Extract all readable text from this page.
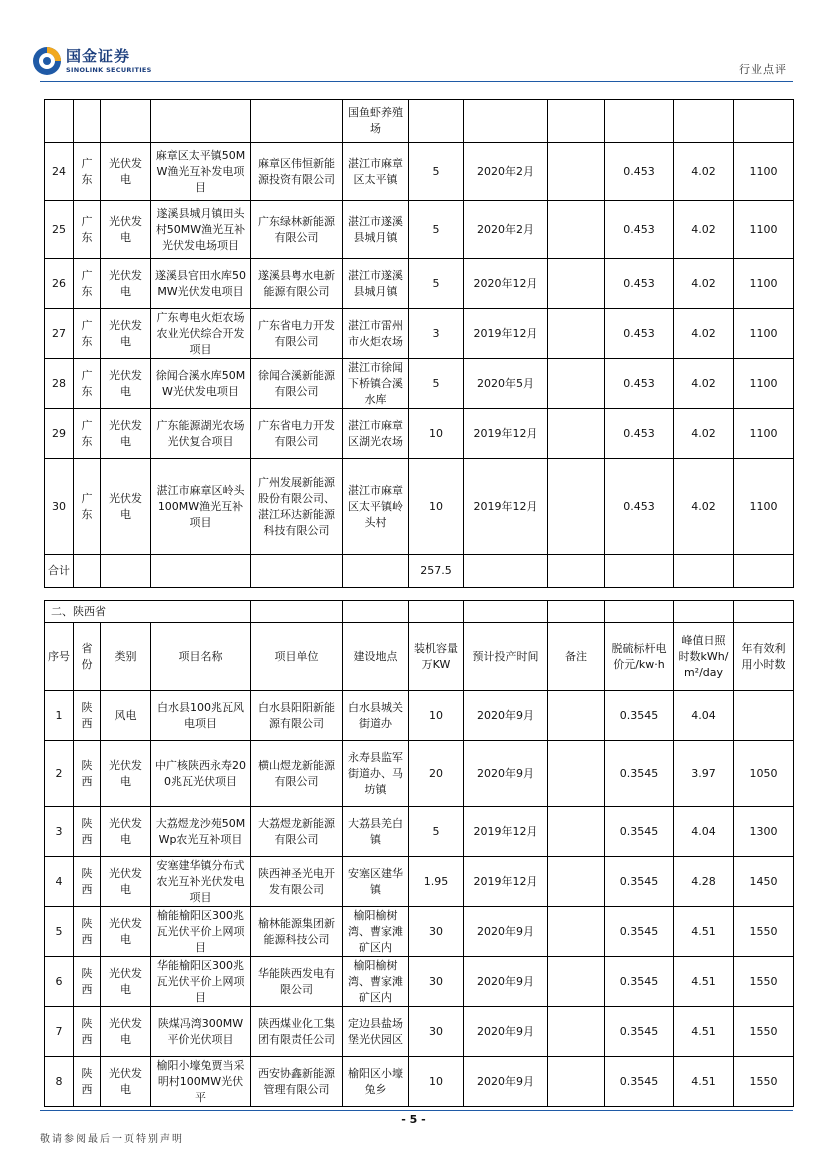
国金证券
SINOLINK SECURITIES	行业点评
					国鱼虾养殖场						
24	广东	光伏发电	麻章区太平镇50MW渔光互补发电项目	麻章区伟恒新能源投资有限公司	湛江市麻章区太平镇	5	2020年2月		0.453	4.02	1100
25	广东	光伏发电	遂溪县城月镇田头村50MW渔光互补光伏发电场项目	广东绿林新能源有限公司	湛江市遂溪县城月镇	5	2020年2月		0.453	4.02	1100
26	广东	光伏发电	遂溪县官田水库50MW光伏发电项目	遂溪县粤水电新能源有限公司	湛江市遂溪县城月镇	5	2020年12月		0.453	4.02	1100
27	广东	光伏发电	广东粤电火炬农场农业光伏综合开发项目	广东省电力开发有限公司	湛江市雷州市火炬农场	3	2019年12月		0.453	4.02	1100
28	广东	光伏发电	徐闻合溪水库50MW光伏发电项目	徐闻合溪新能源有限公司	湛江市徐闻下桥镇合溪水库	5	2020年5月		0.453	4.02	1100
29	广东	光伏发电	广东能源湖光农场光伏复合项目	广东省电力开发有限公司	湛江市麻章区湖光农场	10	2019年12月		0.453	4.02	1100
30	广东	光伏发电	湛江市麻章区岭头100MW渔光互补项目	广州发展新能源股份有限公司、湛江环达新能源科技有限公司	湛江市麻章区太平镇岭头村	10	2019年12月		0.453	4.02	1100
合计						257.5					
二、陕西省											
序号	省份	类别	项目名称	项目单位	建设地点	装机容量万KW	预计投产时间	备注	脱硫标杆电价元/kw·h	峰值日照时数kWh/m²/day	年有效利用小时数
1	陕西	风电	白水县100兆瓦风电项目	白水县阳阳新能源有限公司	白水县城关街道办	10	2020年9月		0.3545	4.04	
2	陕西	光伏发电	中广核陕西永寿200兆瓦光伏项目	横山煜龙新能源有限公司	永寿县监军街道办、马坊镇	20	2020年9月		0.3545	3.97	1050
3	陕西	光伏发电	大荔煜龙沙苑50MWp农光互补项目	大荔煜龙新能源有限公司	大荔县羌白镇	5	2019年12月		0.3545	4.04	1300
4	陕西	光伏发电	安塞建华镇分布式农光互补光伏发电项目	陕西神圣光电开发有限公司	安塞区建华镇	1.95	2019年12月		0.3545	4.28	1450
5	陕西	光伏发电	榆能榆阳区300兆瓦光伏平价上网项目	榆林能源集团新能源科技公司	榆阳榆树湾、曹家滩矿区内	30	2020年9月		0.3545	4.51	1550
6	陕西	光伏发电	华能榆阳区300兆瓦光伏平价上网项目	华能陕西发电有限公司	榆阳榆树湾、曹家滩矿区内	30	2020年9月		0.3545	4.51	1550
7	陕西	光伏发电	陕煤冯湾300MW平价光伏项目	陕西煤业化工集团有限责任公司	定边县盐场堡光伏园区	30	2020年9月		0.3545	4.51	1550
8	陕西	光伏发电	榆阳小壕兔贾当采明村100MW光伏平	西安协鑫新能源管理有限公司	榆阳区小壕兔乡	10	2020年9月		0.3545	4.51	1550
- 5 -
敬请参阅最后一页特别声明
